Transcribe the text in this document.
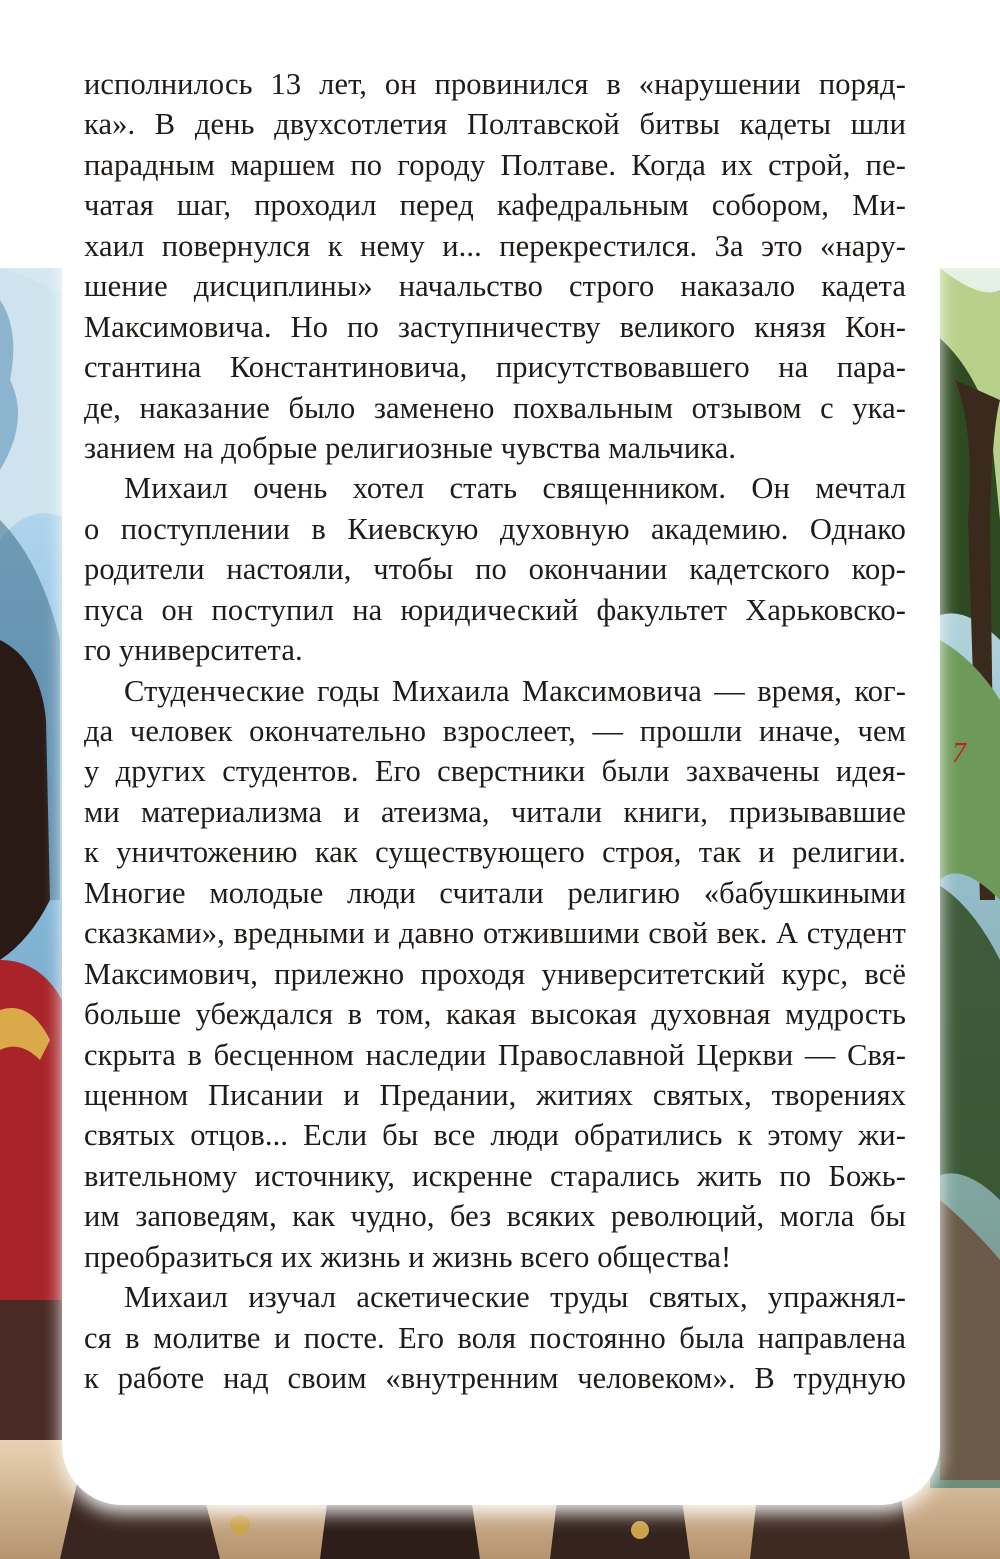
исполнилось 13 лет, он провинился в «нарушении поряд-
ка». В день двухсотлетия Полтавской битвы кадеты шли
парадным маршем по городу Полтаве. Когда их строй, пе-
чатая шаг, проходил перед кафедральным собором, Ми-
хаил повернулся к нему и... перекрестился. За это «нару-
шение дисциплины» начальство строго наказало кадета
Максимовича. Но по заступничеству великого князя Кон-
стантина Константиновича, присутствовавшего на пара-
де, наказание было заменено похвальным отзывом с ука-
занием на добрые религиозные чувства мальчика.
Михаил очень хотел стать священником. Он мечтал
о поступлении в Киевскую духовную академию. Однако
родители настояли, чтобы по окончании кадетского кор-
пуса он поступил на юридический факультет Харьковско-
го университета.
Студенческие годы Михаила Максимовича — время, ког-
да человек окончательно взрослеет, — прошли иначе, чем
у других студентов. Его сверстники были захвачены идея-
ми материализма и атеизма, читали книги, призывавшие
к уничтожению как существующего строя, так и религии.
Многие молодые люди считали религию «бабушкиными
сказками», вредными и давно отжившими свой век. А студент
Максимович, прилежно проходя университетский курс, всё
больше убеждался в том, какая высокая духовная мудрость
скрыта в бесценном наследии Православной Церкви — Свя-
щенном Писании и Предании, житиях святых, творениях
святых отцов... Если бы все люди обратились к этому жи-
вительному источнику, искренне старались жить по Божь-
им заповедям, как чудно, без всяких революций, могла бы
преобразиться их жизнь и жизнь всего общества!
Михаил изучал аскетические труды святых, упражнял-
ся в молитве и посте. Его воля постоянно была направлена
к работе над своим «внутренним человеком». В трудную
7
